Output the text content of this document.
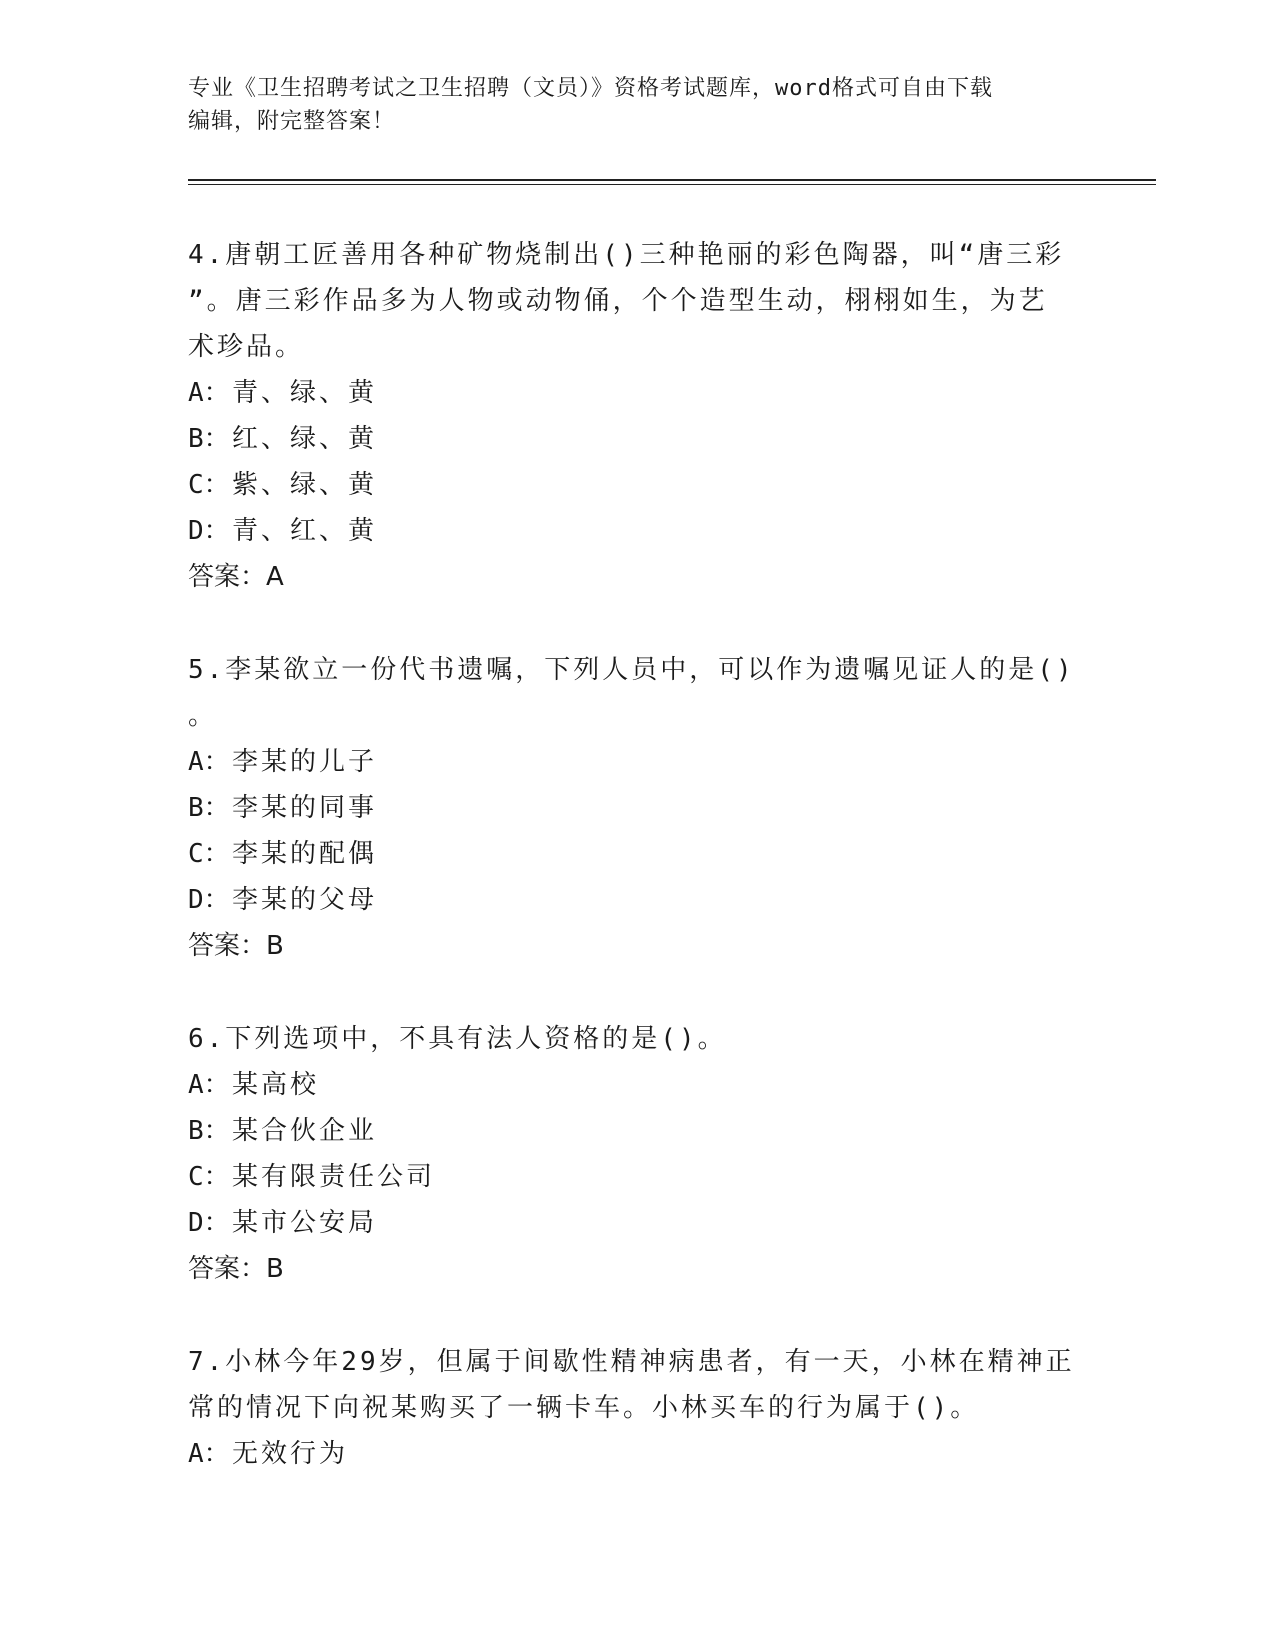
专业《卫生招聘考试之卫生招聘（文员）》资格考试题库，word格式可自由下载
编辑，附完整答案！

4.唐朝工匠善用各种矿物烧制出()三种艳丽的彩色陶器，叫“唐三彩

”。唐三彩作品多为人物或动物俑，个个造型生动，栩栩如生，为艺

术珍品。

A：青、绿、黄

B：红、绿、黄

C：紫、绿、黄

D：青、红、黄

答案：A

5.李某欲立一份代书遗嘱，下列人员中，可以作为遗嘱见证人的是()

。

A：李某的儿子

B：李某的同事

C：李某的配偶

D：李某的父母

答案：B

6.下列选项中，不具有法人资格的是()。

A：某高校

B：某合伙企业

C：某有限责任公司

D：某市公安局

答案：B

7.小林今年29岁，但属于间歇性精神病患者，有一天，小林在精神正

常的情况下向祝某购买了一辆卡车。小林买车的行为属于()。

A：无效行为
